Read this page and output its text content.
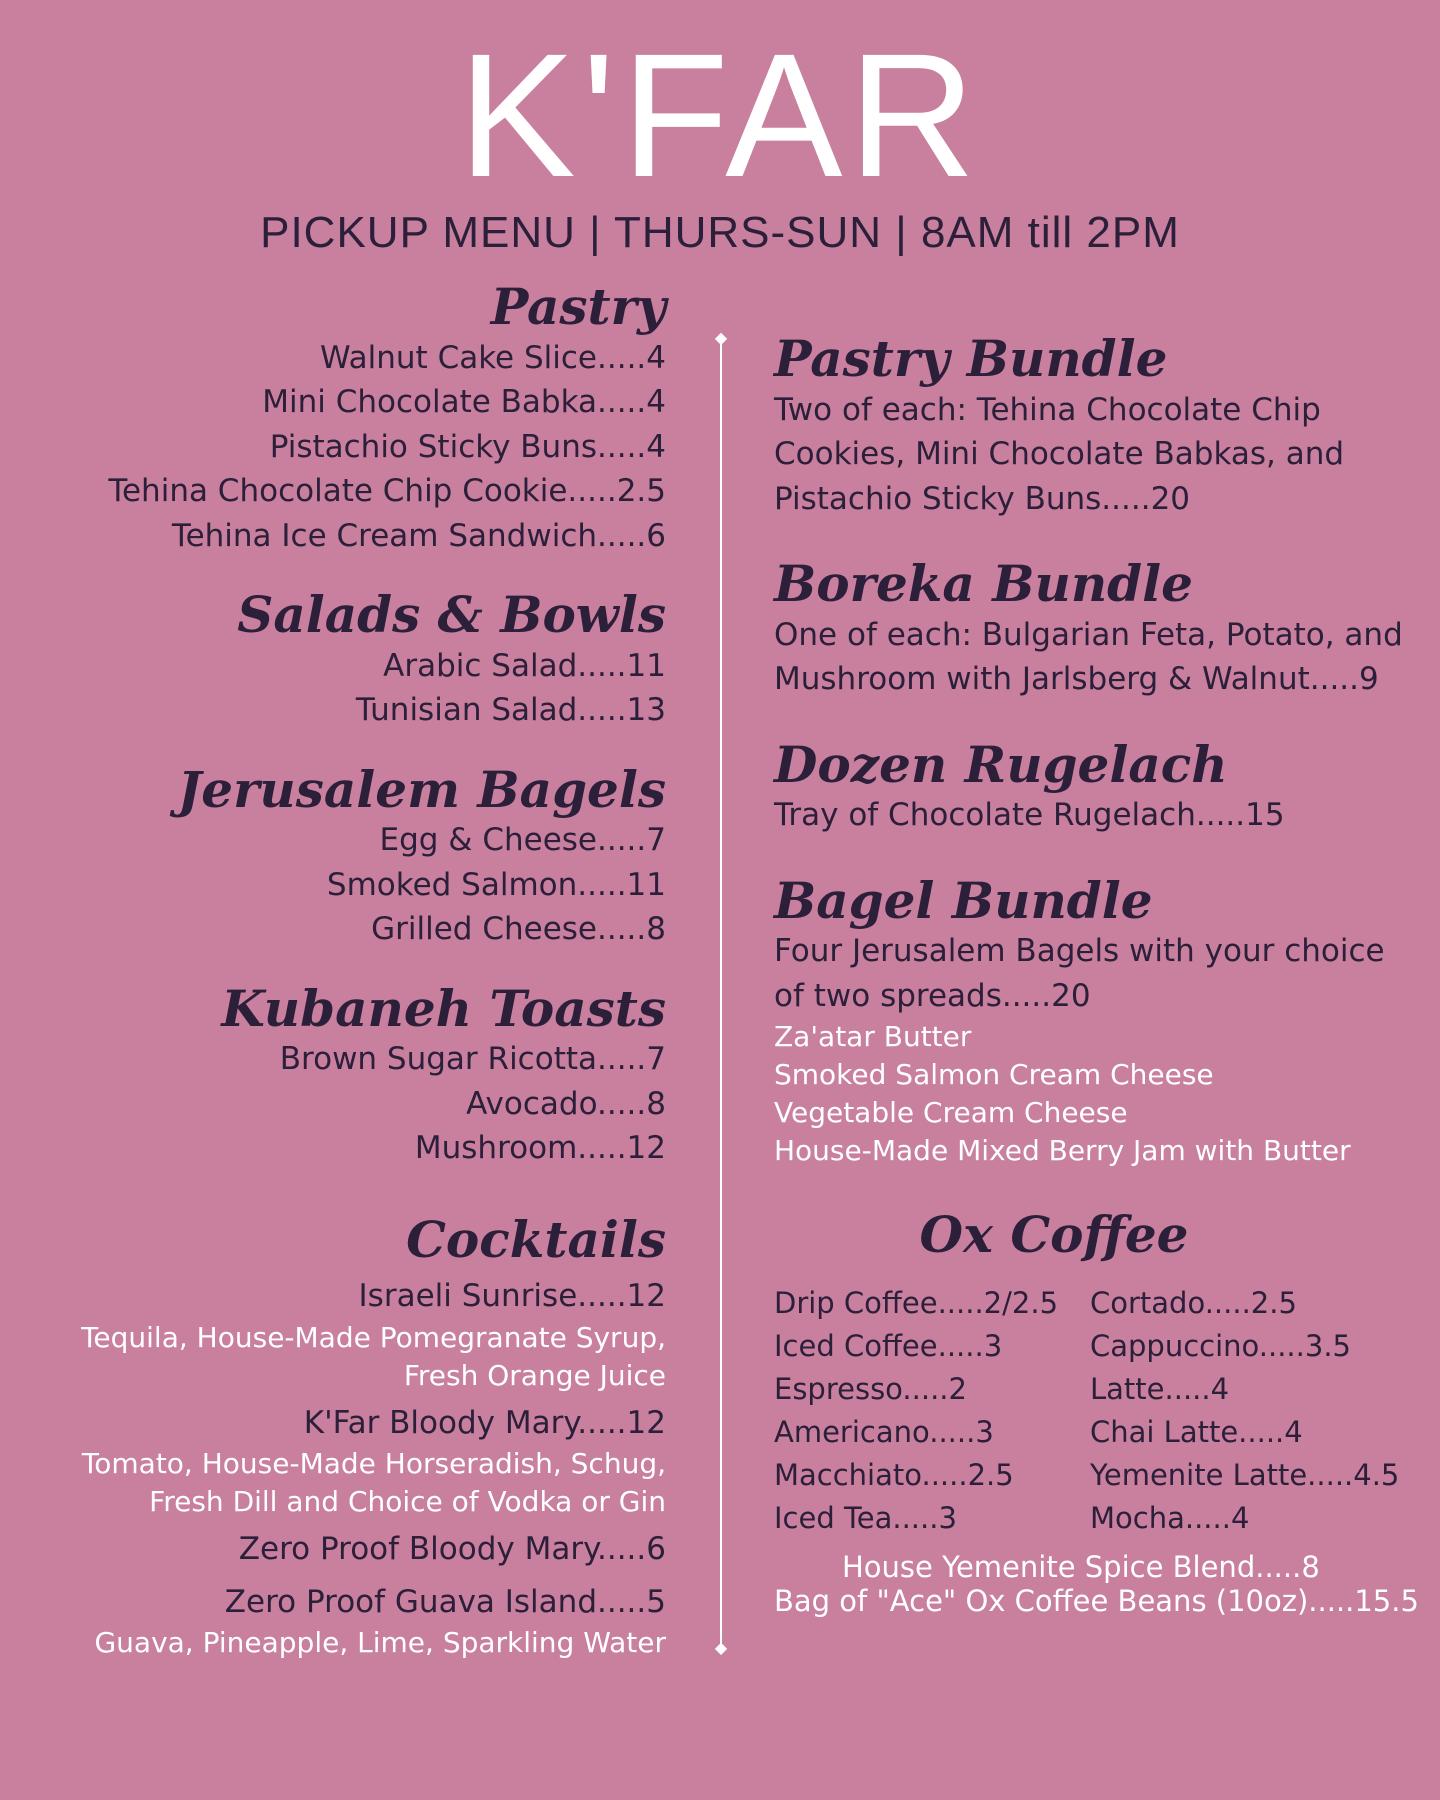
K'FAR
PICKUP MENU | THURS-SUN | 8AM till 2PM
◆
◆
Pastry

Walnut Cake Slice.....4

Mini Chocolate Babka.....4

Pistachio Sticky Buns.....4

Tehina Chocolate Chip Cookie.....2.5

Tehina Ice Cream Sandwich.....6

Salads & Bowls

Arabic Salad.....11

Tunisian Salad.....13

Jerusalem Bagels

Egg & Cheese.....7

Smoked Salmon.....11

Grilled Cheese.....8

Kubaneh Toasts

Brown Sugar Ricotta.....7

Avocado.....8

Mushroom.....12

Cocktails

Israeli Sunrise.....12

Tequila, House-Made Pomegranate Syrup,

Fresh Orange Juice

K'Far Bloody Mary.....12

Tomato, House-Made Horseradish, Schug,

Fresh Dill and Choice of Vodka or Gin

Zero Proof Bloody Mary.....6

Zero Proof Guava Island.....5

Guava, Pineapple, Lime, Sparkling Water

Pastry Bundle

Two of each: Tehina Chocolate Chip

Cookies, Mini Chocolate Babkas, and

Pistachio Sticky Buns.....20

Boreka Bundle

One of each: Bulgarian Feta, Potato, and

Mushroom with Jarlsberg & Walnut.....9

Dozen Rugelach

Tray of Chocolate Rugelach.....15

Bagel Bundle

Four Jerusalem Bagels with your choice

of two spreads.....20

Za'atar Butter

Smoked Salmon Cream Cheese

Vegetable Cream Cheese

House-Made Mixed Berry Jam with Butter

Ox Coffee

Drip Coffee.....2/2.5

Iced Coffee.....3

Espresso.....2

Americano.....3

Macchiato.....2.5

Iced Tea.....3

Cortado.....2.5

Cappuccino.....3.5

Latte.....4

Chai Latte.....4

Yemenite Latte.....4.5

Mocha.....4

House Yemenite Spice Blend.....8

Bag of "Ace" Ox Coffee Beans (10oz).....15.5
